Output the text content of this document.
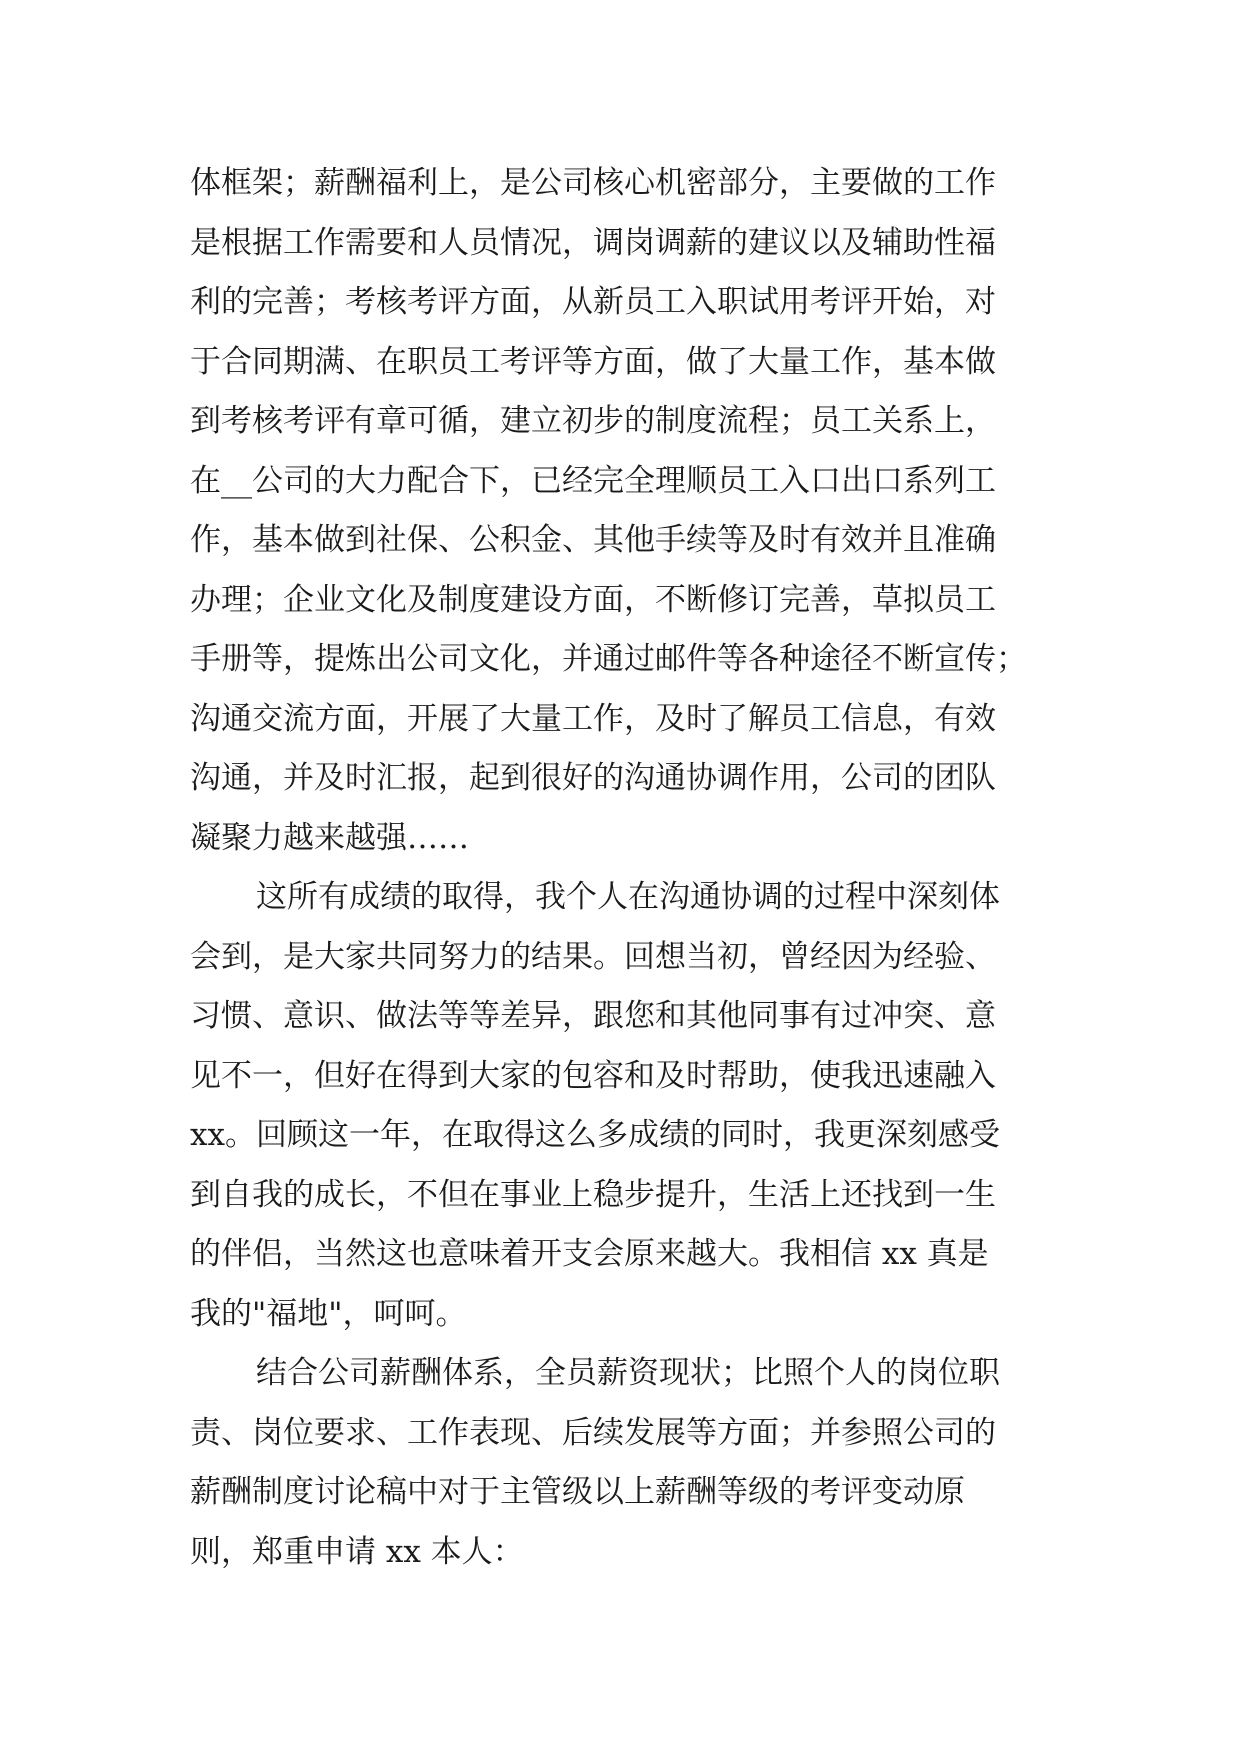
体框架；薪酬福利上，是公司核心机密部分，主要做的工作
是根据工作需要和人员情况，调岗调薪的建议以及辅助性福
利的完善；考核考评方面，从新员工入职试用考评开始，对
于合同期满、在职员工考评等方面，做了大量工作，基本做
到考核考评有章可循，建立初步的制度流程；员工关系上，
在__公司的大力配合下，已经完全理顺员工入口出口系列工
作，基本做到社保、公积金、其他手续等及时有效并且准确
办理；企业文化及制度建设方面，不断修订完善，草拟员工
手册等，提炼出公司文化，并通过邮件等各种途径不断宣传；
沟通交流方面，开展了大量工作，及时了解员工信息，有效
沟通，并及时汇报，起到很好的沟通协调作用，公司的团队
凝聚力越来越强……
这所有成绩的取得，我个人在沟通协调的过程中深刻体
会到，是大家共同努力的结果。回想当初，曾经因为经验、
习惯、意识、做法等等差异，跟您和其他同事有过冲突、意
见不一，但好在得到大家的包容和及时帮助，使我迅速融入
xx。回顾这一年，在取得这么多成绩的同时，我更深刻感受
到自我的成长，不但在事业上稳步提升，生活上还找到一生
的伴侣，当然这也意味着开支会原来越大。我相信 xx 真是
我的"福地"，呵呵。
结合公司薪酬体系，全员薪资现状；比照个人的岗位职
责、岗位要求、工作表现、后续发展等方面；并参照公司的
薪酬制度讨论稿中对于主管级以上薪酬等级的考评变动原
则，郑重申请 xx 本人：
